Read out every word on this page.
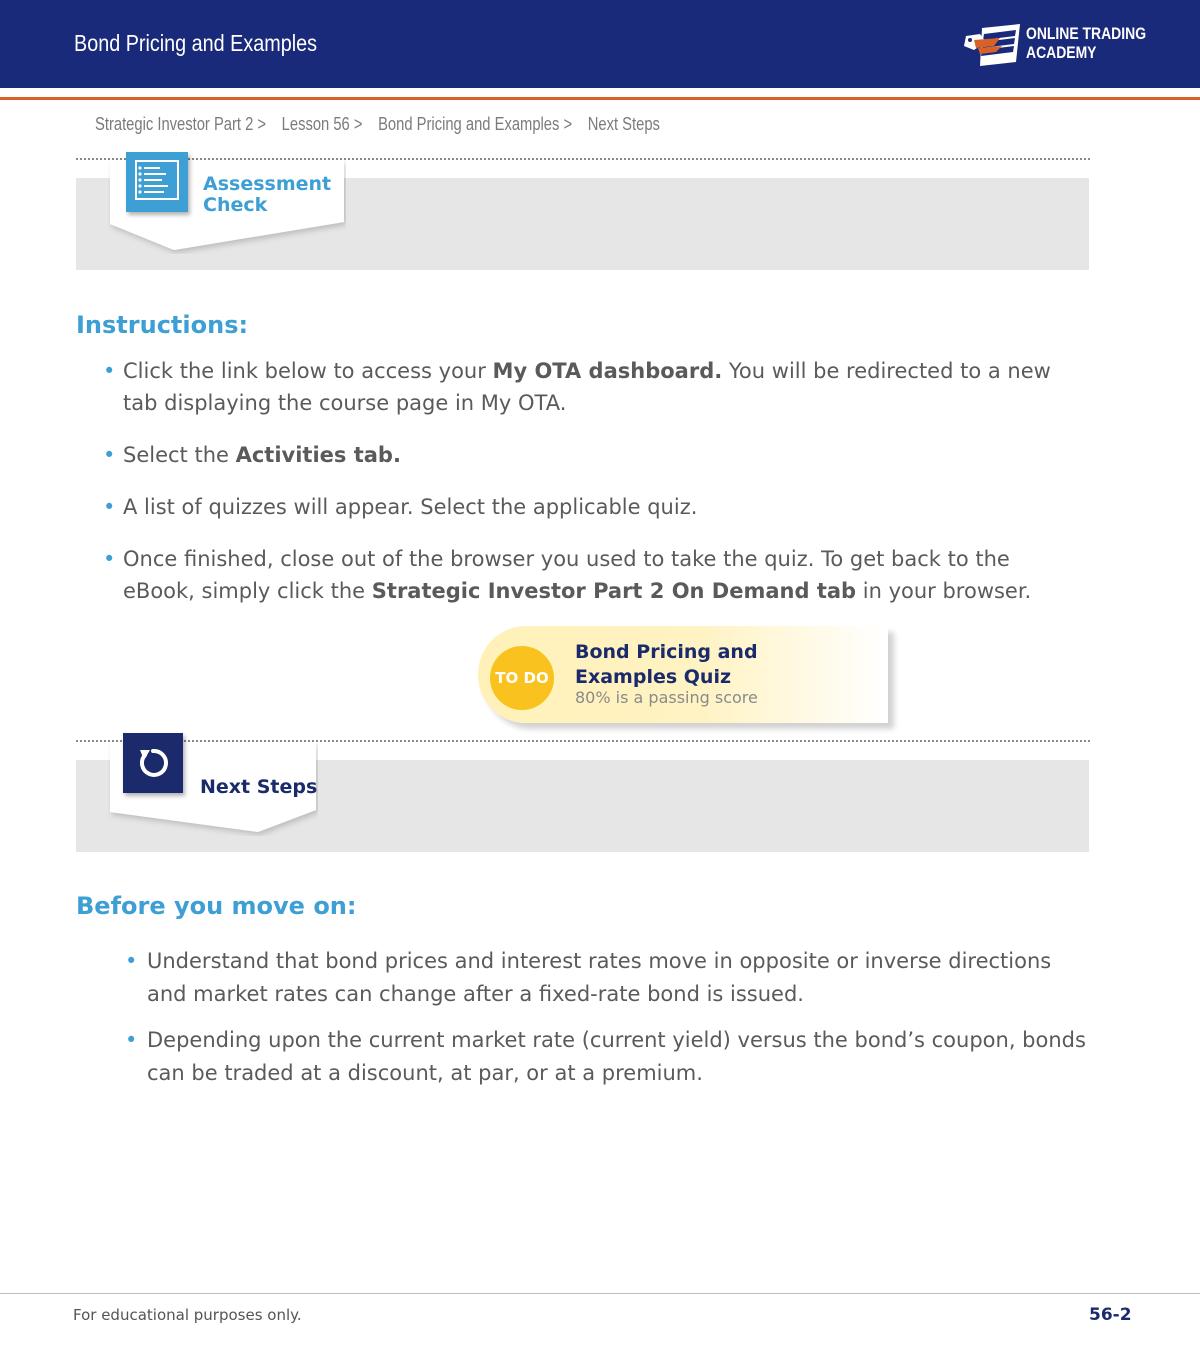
Bond Pricing and Examples	ONLINE TRADING
ACADEMY
Strategic Investor Part 2 > Lesson 56 > Bond Pricing and Examples > Next Steps
Assessment
Check
Instructions:
• Click the link below to access your My OTA dashboard. You will be redirected to a new tab displaying the course page in My OTA.
• Select the Activities tab.
• A list of quizzes will appear. Select the applicable quiz.
• Once finished, close out of the browser you used to take the quiz. To get back to the eBook, simply click the Strategic Investor Part 2 On Demand tab in your browser.
TO DO
Bond Pricing and Examples Quiz
80% is a passing score
Next Steps
Before you move on:
• Understand that bond prices and interest rates move in opposite or inverse directions and market rates can change after a fixed-rate bond is issued.
• Depending upon the current market rate (current yield) versus the bond’s coupon, bonds can be traded at a discount, at par, or at a premium.
For educational purposes only.	56-2
